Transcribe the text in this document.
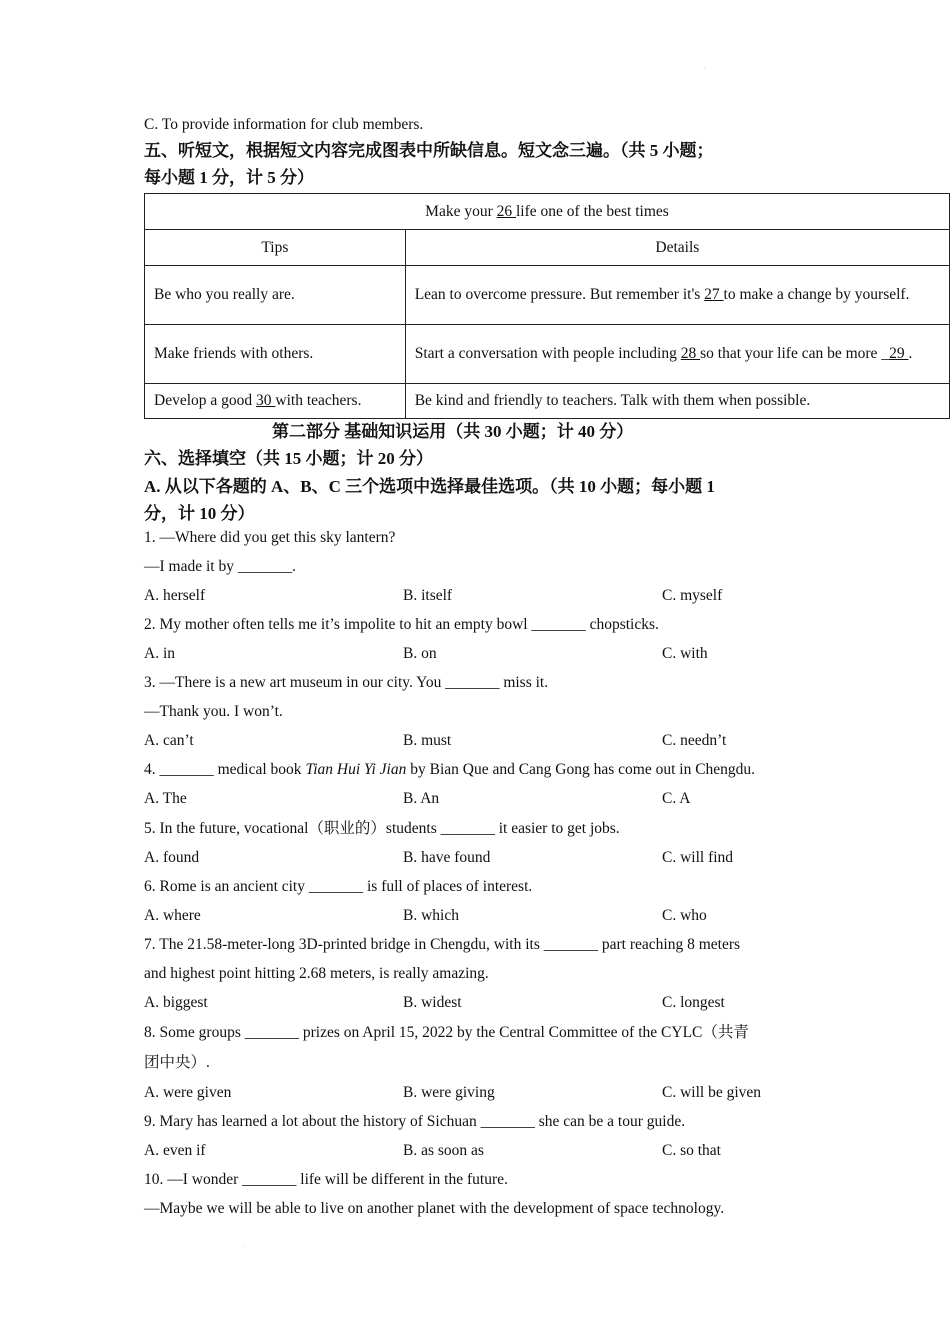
·
·
C. To provide information for club members.
五、听短文，根据短文内容完成图表中所缺信息。短文念三遍。（共 5 小题；
每小题 1 分，计 5 分）
Make your 26 life one of the best times	
Tips	Details
Be who you really are.	Lean to overcome pressure. But remember it's 27 to make a change by yourself.
Make friends with others.	Start a conversation with people including 28 so that your life can be more _29 .
Develop a good 30 with teachers.	Be kind and friendly to teachers. Talk with them when possible.
第二部分 基础知识运用（共 30 小题；计 40 分）
六、选择填空（共 15 小题；计 20 分）
A. 从以下各题的 A、B、C 三个选项中选择最佳选项。（共 10 小题；每小题 1
分，计 10 分）
1. —Where did you get this sky lantern?
—I made it by _______.
A. herself	B. itself	C. myself
2. My mother often tells me it’s impolite to hit an empty bowl _______ chopsticks.
A. in	B. on	C. with
3. —There is a new art museum in our city. You _______ miss it.
—Thank you. I won’t.
A. can’t	B. must	C. needn’t
4. _______ medical book Tian Hui Yi Jian by Bian Que and Cang Gong has come out in Chengdu.
A. The	B. An	C. A
5. In the future, vocational（职业的）students _______ it easier to get jobs.
A. found	B. have found	C. will find
6. Rome is an ancient city _______ is full of places of interest.
A. where	B. which	C. who
7. The 21.58-meter-long 3D-printed bridge in Chengdu, with its _______ part reaching 8 meters
and highest point hitting 2.68 meters, is really amazing.
A. biggest	B. widest	C. longest
8. Some groups _______ prizes on April 15, 2022 by the Central Committee of the CYLC（共青
团中央）.
A. were given	B. were giving	C. will be given
9. Mary has learned a lot about the history of Sichuan _______ she can be a tour guide.
A. even if	B. as soon as	C. so that
10. —I wonder _______ life will be different in the future.
—Maybe we will be able to live on another planet with the development of space technology.
